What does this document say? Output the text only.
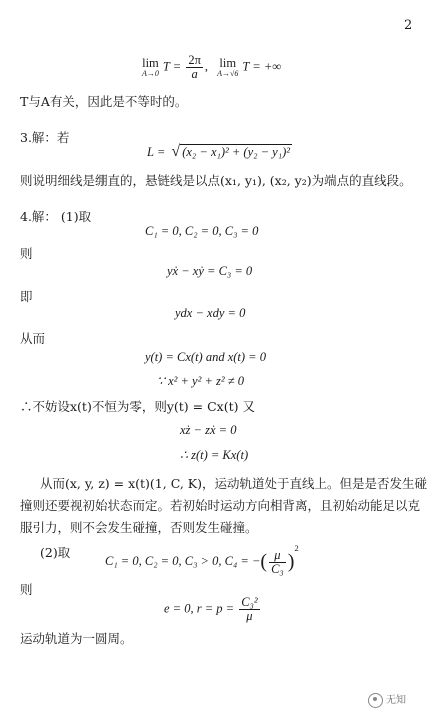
2
lim
A→0
$T = \frac{2\pi}{a}$ , lim
A→√6
T = +∞
T与A有关，因此是不等时的。
3.解：若
L = √ (x₂ − x₁)² + (y₂ − y₁)²
则说明细线是绷直的，悬链线是以点(x₁, y₁), (x₂, y₂)为端点的直线段。
4.解： (1)取
C₁ = 0, C₂ = 0, C₃ = 0
则
yẋ − xẏ = C₃ = 0
即
ydx − xdy = 0
从而
y(t) = Cx(t) and x(t) = 0
∵ x² + y² + z² ≠ 0
∴不妨设x(t)不恒为零，则y(t) = Cx(t) 又
xż − zẋ = 0
∴ z(t) = Kx(t)
从而(x, y, z) = x(t)(1, C, K)，运动轨道处于直线上。但是是否发生碰
撞则还要视初始状态而定。若初始时运动方向相背离，且初始动能足以克
服引力，则不会发生碰撞，否则发生碰撞。
(2)取
C₁ = 0, C₂ = 0, C₃ > 0, C₄ = −( $\frac{\mu}{\text{C₃}} )^2$
则
e = 0, $r = p = \frac{\text{C₃²}}{\mu}$
运动轨道为一圆周。
无知
